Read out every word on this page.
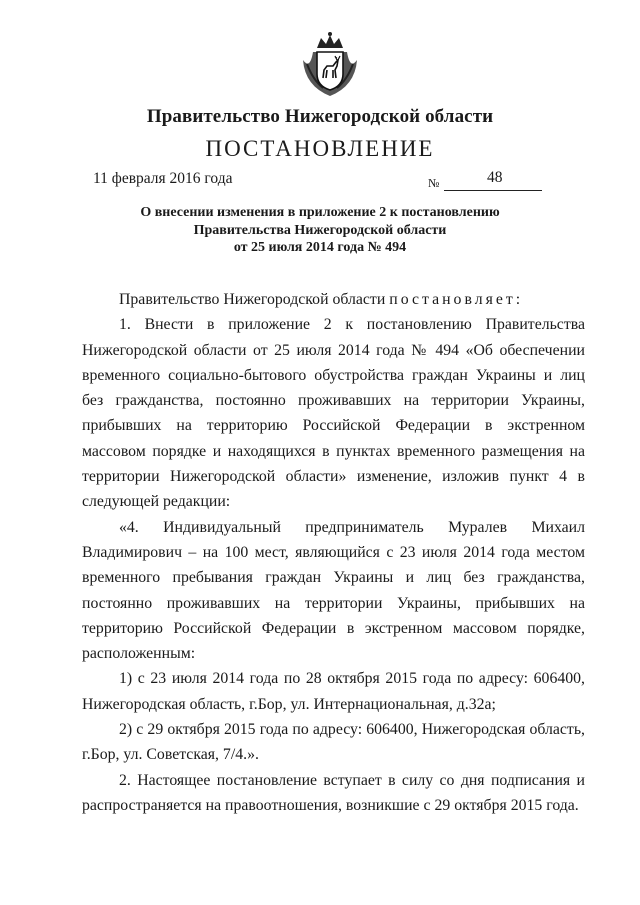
Правительство Нижегородской области
ПОСТАНОВЛЕНИЕ
11 февраля 2016 года	№	48
О внесении изменения в приложение 2 к постановлению
Правительства Нижегородской области
от 25 июля 2014 года № 494

Правительство Нижегородской области постановляет:

1. Внести в приложение 2 к постановлению Правительства Нижегородской области от 25 июля 2014 года № 494 «Об обеспечении временного социально-бытового обустройства граждан Украины и лиц без гражданства, постоянно проживавших на территории Украины, прибывших на территорию Российской Федерации в экстренном массовом порядке и находящихся в пунктах временного размещения на территории Нижегородской области» изменение, изложив пункт 4 в следующей редакции:

«4. Индивидуальный предприниматель Муралев Михаил Владимирович – на 100 мест, являющийся с 23 июля 2014 года местом временного пребывания граждан Украины и лиц без гражданства, постоянно проживавших на территории Украины, прибывших на территорию Российской Федерации в экстренном массовом порядке, расположенным:

1) с 23 июля 2014 года по 28 октября 2015 года по адресу: 606400, Нижегородская область, г.Бор, ул. Интернациональная, д.32а;

2) с 29 октября 2015 года по адресу: 606400, Нижегородская область, г.Бор, ул. Советская, 7/4.».

2. Настоящее постановление вступает в силу со дня подписания и распространяется на правоотношения, возникшие с 29 октября 2015 года.
